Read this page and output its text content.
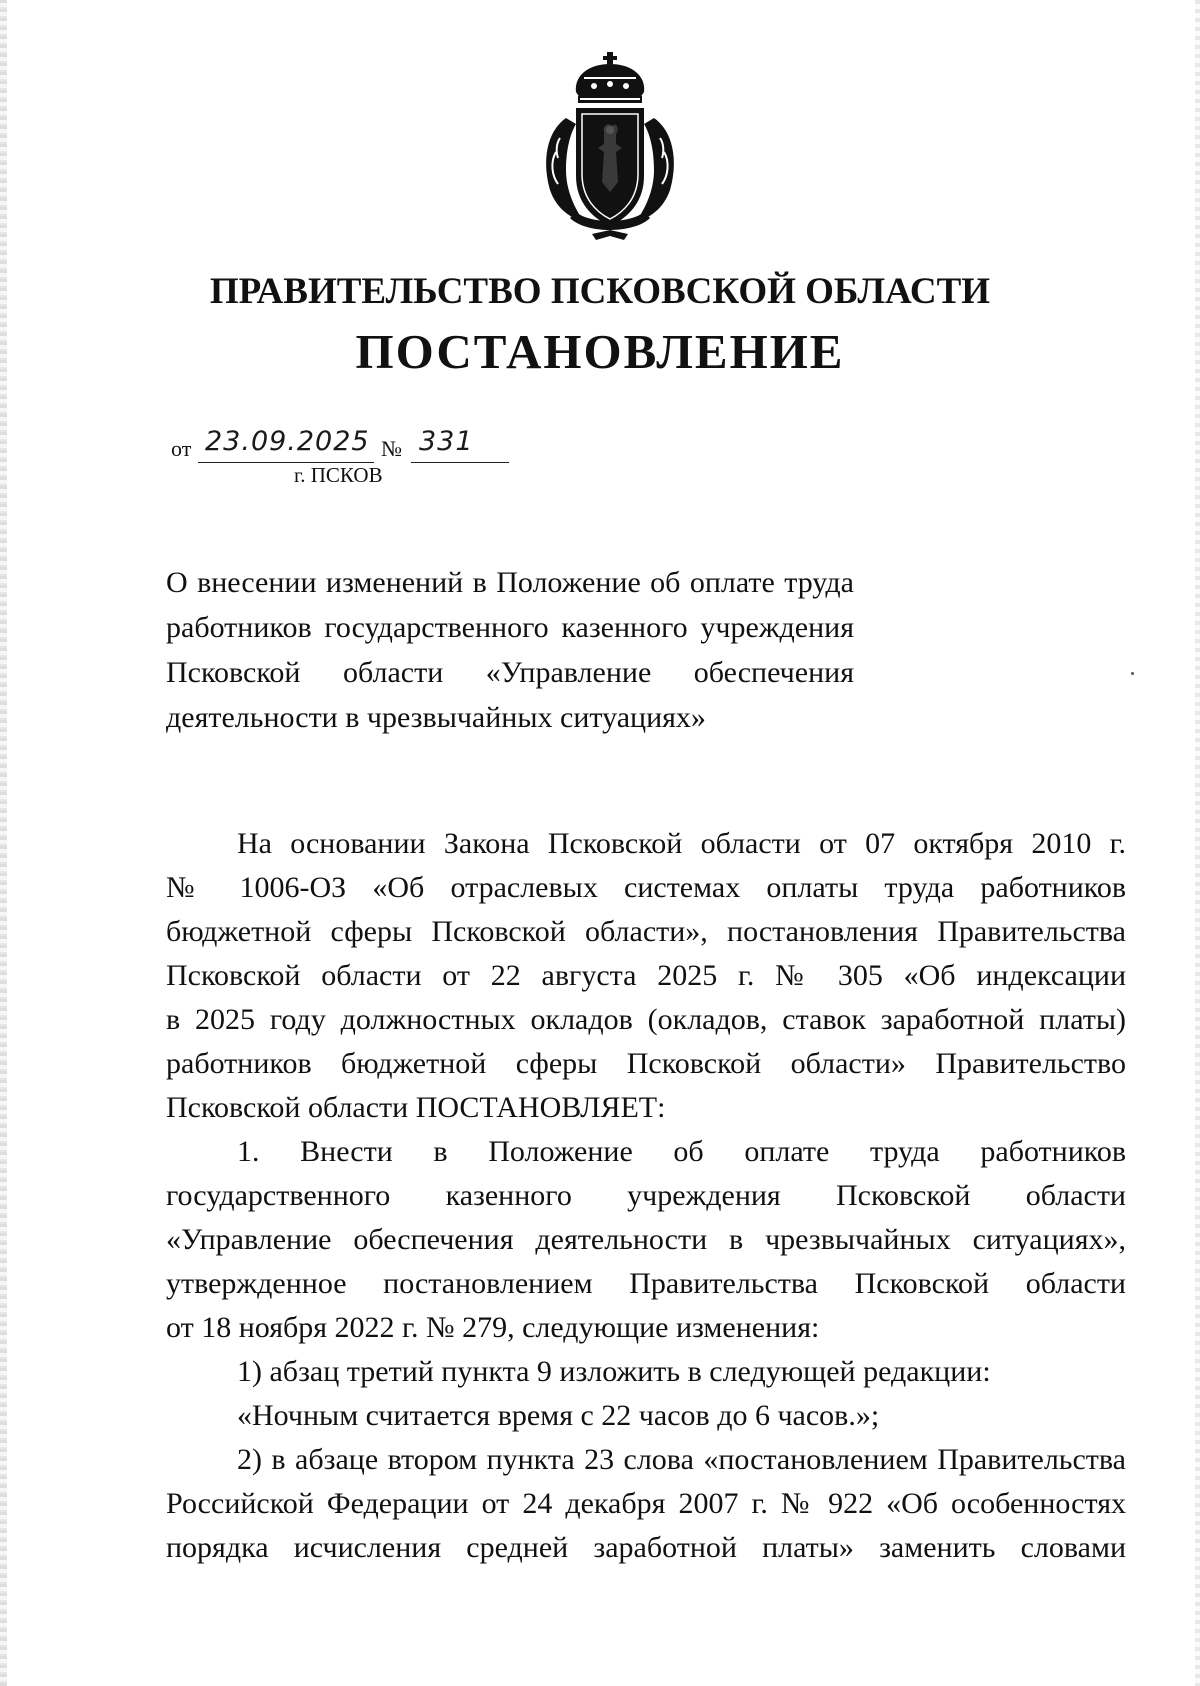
ПРАВИТЕЛЬСТВО ПСКОВСКОЙ ОБЛАСТИ
ПОСТАНОВЛЕНИЕ
от 23.09.2025 № 331
г. ПСКОВ
О внесении изменений в Положение об оплате труда
работников государственного казенного учреждения
Псковской области «Управление обеспечения
деятельности в чрезвычайных ситуациях»
На основании Закона Псковской области от 07 октября 2010 г.
№ 1006-ОЗ «Об отраслевых системах оплаты труда работников
бюджетной сферы Псковской области», постановления Правительства
Псковской области от 22 августа 2025 г. № 305 «Об индексации
в 2025 году должностных окладов (окладов, ставок заработной платы)
работников бюджетной сферы Псковской области» Правительство
Псковской области ПОСТАНОВЛЯЕТ:
1. Внести в Положение об оплате труда работников
государственного казенного учреждения Псковской области
«Управление обеспечения деятельности в чрезвычайных ситуациях»,
утвержденное постановлением Правительства Псковской области
от 18 ноября 2022 г. № 279, следующие изменения:
1) абзац третий пункта 9 изложить в следующей редакции:
«Ночным считается время с 22 часов до 6 часов.»;
2) в абзаце втором пункта 23 слова «постановлением Правительства
Российской Федерации от 24 декабря 2007 г. № 922 «Об особенностях
порядка исчисления средней заработной платы» заменить словами
